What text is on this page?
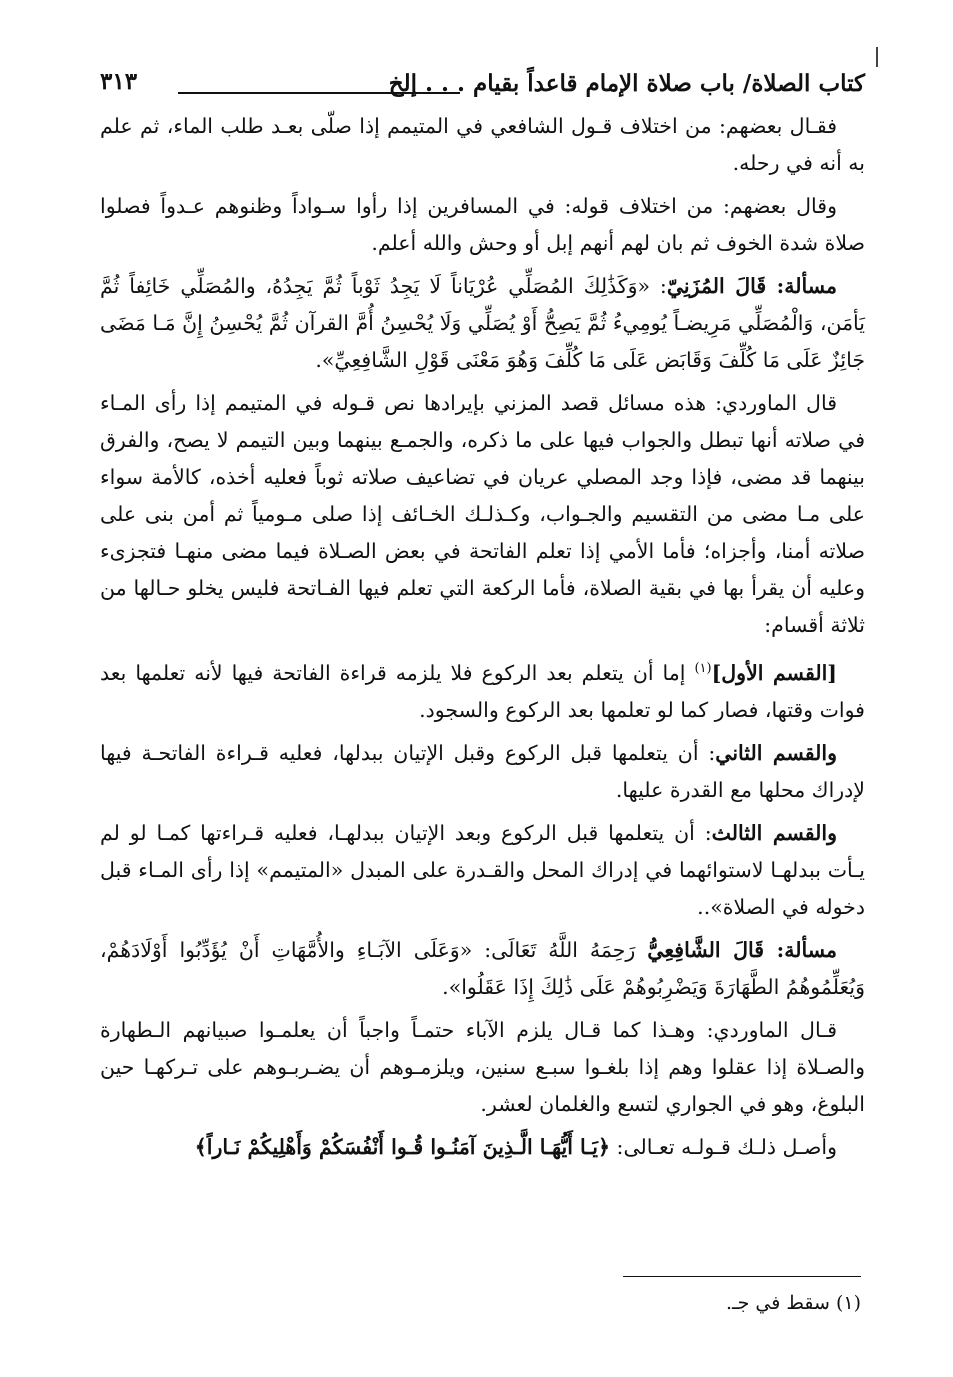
كتاب الصلاة/ باب صلاة الإمام قاعداً بقيام . . . إلخ
٣١٣

فقـال بعضهم: من اختلاف قـول الشافعي في المتيمم إذا صلّى بعـد طلب الماء، ثم علم به أنه في رحله.

وقال بعضهم: من اختلاف قوله: في المسافرين إذا رأوا سـواداً وظنوهم عـدواً فصلوا صلاة شدة الخوف ثم بان لهم أنهم إبل أو وحش والله أعلم.

مسألة: قَالَ المُزَنِيّ: «وَكَذَٰلِكَ المُصَلِّي عُرْيَاناً لَا يَجِدُ ثَوْباً ثُمَّ يَجِدُهُ، والمُصَلِّي خَائِفاً ثُمَّ يَأمَن، وَالْمُصَلِّي مَرِيضـاً يُومِيءُ ثُمَّ يَصِحُّ أَوْ يُصَلِّي وَلَا يُحْسِنُ أُمَّ القرآن ثُمَّ يُحْسِنُ إِنَّ مَـا مَضَى جَائِزٌ عَلَى مَا كُلِّفَ وَقَابَض عَلَى مَا كُلِّفَ وَهُوَ مَعْنَى قَوْلِ الشَّافِعِيِّ».

قال الماوردي: هذه مسائل قصد المزني بإيرادها نص قـوله في المتيمم إذا رأى المـاء في صلاته أنها تبطل والجواب فيها على ما ذكره، والجمـع بينهما وبين التيمم لا يصح، والفرق بينهما قد مضى، فإذا وجد المصلي عريان في تضاعيف صلاته ثوباً فعليه أخذه، كالأمة سواء على مـا مضى من التقسيم والجـواب، وكـذلـك الخـائف إذا صلى مـومياً ثم أمن بنى على صلاته أمنا، وأجزاه؛ فأما الأمي إذا تعلم الفاتحة في بعض الصـلاة فيما مضى منهـا فتجزىء وعليه أن يقرأ بها في بقية الصلاة، فأما الركعة التي تعلم فيها الفـاتحة فليس يخلو حـالها من ثلاثة أقسام:

[القسم الأول]$^{(١)}$ إما أن يتعلم بعد الركوع فلا يلزمه قراءة الفاتحة فيها لأنه تعلمها بعد فوات وقتها، فصار كما لو تعلمها بعد الركوع والسجود.

والقسم الثاني: أن يتعلمها قبل الركوع وقبل الإتيان ببدلها، فعليه قـراءة الفاتحـة فيها لإدراك محلها مع القدرة عليها.

والقسم الثالث: أن يتعلمها قبل الركوع وبعد الإتيان ببدلهـا، فعليه قـراءتها كمـا لو لم يـأت ببدلهـا لاستوائهما في إدراك المحل والقـدرة على المبدل «المتيمم» إذا رأى المـاء قبل دخوله في الصلاة»..

مسألة: قَالَ الشَّافِعِيُّ رَحِمَهُ اللَّهُ تَعَالَى: «وَعَلَى الآبَـاءِ والأُمَّهَاتِ أَنْ يُؤَدِّبُوا أَوْلَادَهُمْ، وَيُعَلِّمُوهُمُ الطَّهَارَةَ وَيَضْرِبُوهُمْ عَلَى ذَٰلِكَ إِذَا عَقَلُوا».

قـال الماوردي: وهـذا كما قـال يلزم الآباء حتمـاً واجباً أن يعلمـوا صبيانهم الـطهارة والصـلاة إذا عقلوا وهم إذا بلغـوا سبـع سنين، ويلزمـوهم أن يضـربـوهم على تـركهـا حين البلوغ، وهو في الجواري لتسع والغلمان لعشر.

وأصـل ذلـك قـولـه تعـالى: ﴿يَـا أَيُّهَـا الَّـذِينَ آمَنُـوا قُـوا أَنْفُسَكُمْ وَأَهْلِيكُمْ نَـاراً﴾

(١) سقط في جـ.
